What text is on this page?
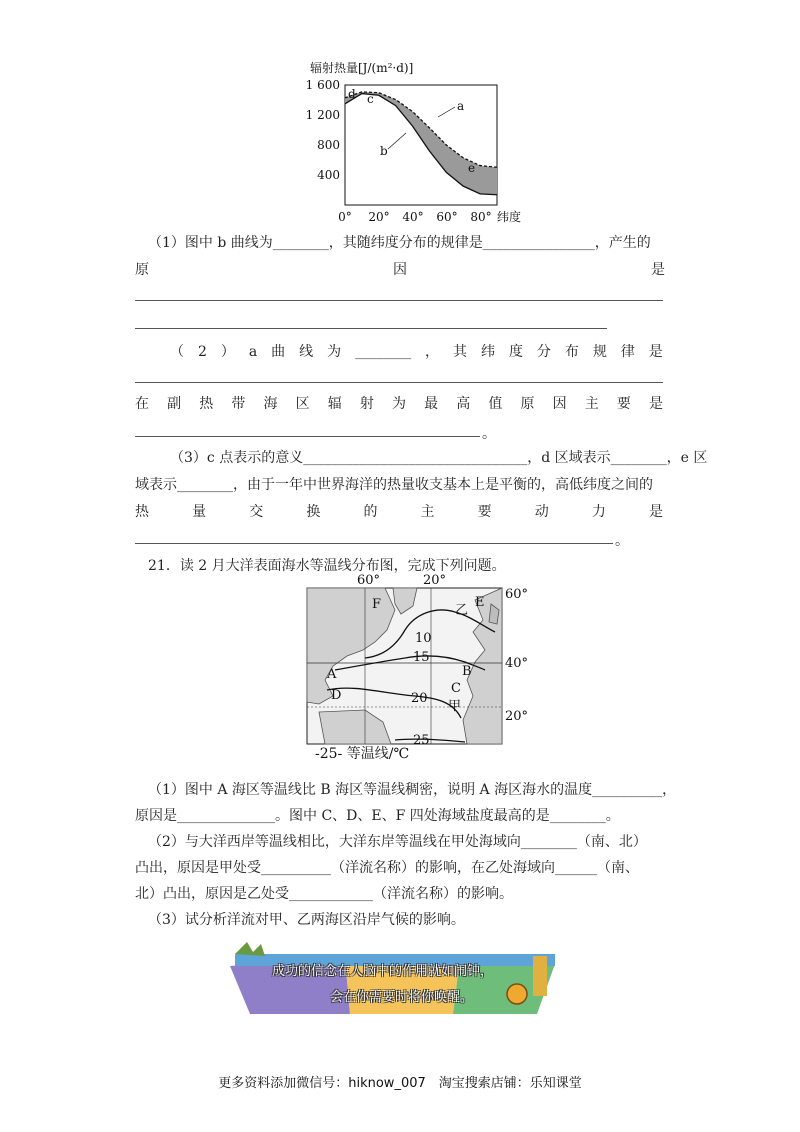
辐射热量[J/(m²·d)]
1 600
1 200
800
400
0° 20° 40° 60° 80° 纬度
a
b
c
d
e
（1）图中 b 曲线为________，其随纬度分布的规律是________________，产生的
原	因	是
（ 2 ） a 曲 线 为 ________ ， 其 纬 度 分 布 规 律 是
在 副 热 带 海 区 辐 射 为 最 高 值 原 因 主 要 是
。
（3）c 点表示的意义________________________________，d 区域表示________，e 区
域表示________，由于一年中世界海洋的热量收支基本上是平衡的，高低纬度之间的
热	量	交	换	的	主	要	动	力	是
。
21．读 2 月大洋表面海水等温线分布图，完成下列问题。
60°	20°
10
15
20
25
A	B
C
D
E
F
甲
乙
60°
40°
20°
-25- 等温线/℃
（1）图中 A 海区等温线比 B 海区等温线稠密，说明 A 海区海水的温度__________，
原因是______________。图中 C、D、E、F 四处海域盐度最高的是________。
（2）与大洋西岸等温线相比，大洋东岸等温线在甲处海域向________（南、北）
凸出，原因是甲处受__________（洋流名称）的影响，在乙处海域向______（南、
北）凸出，原因是乙处受____________（洋流名称）的影响。
（3）试分析洋流对甲、乙两海区沿岸气候的影响。
成功的信念在人脑中的作用就如闹钟，
会在你需要时将你唤醒。
更多资料添加微信号：hiknow_007　淘宝搜索店铺：乐知课堂
